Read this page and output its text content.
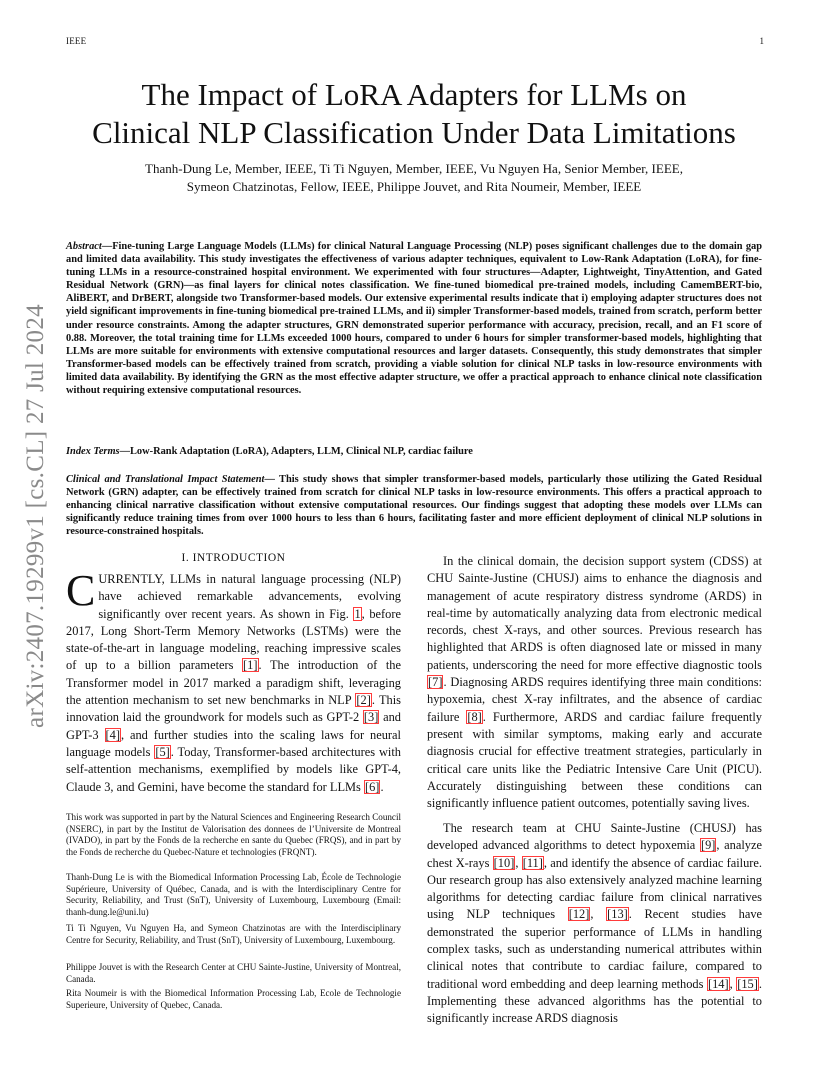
IEEE	1
arXiv:2407.19299v1 [cs.CL] 27 Jul 2024
The Impact of LoRA Adapters for LLMs on
Clinical NLP Classification Under Data Limitations
Thanh-Dung Le, Member, IEEE, Ti Ti Nguyen, Member, IEEE, Vu Nguyen Ha, Senior Member, IEEE,
Symeon Chatzinotas, Fellow, IEEE, Philippe Jouvet, and Rita Noumeir, Member, IEEE
Abstract—Fine-tuning Large Language Models (LLMs) for clinical Natural Language Processing (NLP) poses significant challenges due to the domain gap and limited data availability. This study investigates the effectiveness of various adapter techniques, equivalent to Low-Rank Adaptation (LoRA), for fine-tuning LLMs in a resource-constrained hospital environment. We experimented with four structures—Adapter, Lightweight, TinyAttention, and Gated Residual Network (GRN)—as final layers for clinical notes classification. We fine-tuned biomedical pre-trained models, including CamemBERT-bio, AliBERT, and DrBERT, alongside two Transformer-based models. Our extensive experimental results indicate that i) employing adapter structures does not yield significant improvements in fine-tuning biomedical pre-trained LLMs, and ii) simpler Transformer-based models, trained from scratch, perform better under resource constraints. Among the adapter structures, GRN demonstrated superior performance with accuracy, precision, recall, and an F1 score of 0.88. Moreover, the total training time for LLMs exceeded 1000 hours, compared to under 6 hours for simpler transformer-based models, highlighting that LLMs are more suitable for environments with extensive computational resources and larger datasets. Consequently, this study demonstrates that simpler Transformer-based models can be effectively trained from scratch, providing a viable solution for clinical NLP tasks in low-resource environments with limited data availability. By identifying the GRN as the most effective adapter structure, we offer a practical approach to enhance clinical note classification without requiring extensive computational resources.
Index Terms—Low-Rank Adaptation (LoRA), Adapters, LLM, Clinical NLP, cardiac failure
Clinical and Translational Impact Statement— This study shows that simpler transformer-based models, particularly those utilizing the Gated Residual Network (GRN) adapter, can be effectively trained from scratch for clinical NLP tasks in low-resource environments. This offers a practical approach to enhancing clinical narrative classification without extensive computational resources. Our findings suggest that adopting these models over LLMs can significantly reduce training times from over 1000 hours to less than 6 hours, facilitating faster and more efficient deployment of clinical NLP solutions in resource-constrained hospitals.
I. INTRODUCTION
CURRENTLY, LLMs in natural language processing (NLP) have achieved remarkable advancements, evolving significantly over recent years. As shown in Fig. 1, before 2017, Long Short-Term Memory Networks (LSTMs) were the state-of-the-art in language modeling, reaching impressive scales of up to a billion parameters [1]. The introduction of the Transformer model in 2017 marked a paradigm shift, leveraging the attention mechanism to set new benchmarks in NLP [2]. This innovation laid the groundwork for models such as GPT-2 [3] and GPT-3 [4], and further studies into the scaling laws for neural language models [5]. Today, Transformer-based architectures with self-attention mechanisms, exemplified by models like GPT-4, Claude 3, and Gemini, have become the standard for LLMs [6].
This work was supported in part by the Natural Sciences and Engineering Research Council (NSERC), in part by the Institut de Valorisation des donnees de l’Universite de Montreal (IVADO), in part by the Fonds de la recherche en sante du Quebec (FRQS), and in part by the Fonds de recherche du Quebec-Nature et technologies (FRQNT).
Thanh-Dung Le is with the Biomedical Information Processing Lab, École de Technologie Supérieure, University of Québec, Canada, and is with the Interdisciplinary Centre for Security, Reliability, and Trust (SnT), University of Luxembourg, Luxembourg (Email: thanh-dung.le@uni.lu)
Ti Ti Nguyen, Vu Nguyen Ha, and Symeon Chatzinotas are with the Interdisciplinary Centre for Security, Reliability, and Trust (SnT), University of Luxembourg, Luxembourg.
Philippe Jouvet is with the Research Center at CHU Sainte-Justine, University of Montreal, Canada.
Rita Noumeir is with the Biomedical Information Processing Lab, Ecole de Technologie Superieure, University of Quebec, Canada.
In the clinical domain, the decision support system (CDSS) at CHU Sainte-Justine (CHUSJ) aims to enhance the diagnosis and management of acute respiratory distress syndrome (ARDS) in real-time by automatically analyzing data from electronic medical records, chest X-rays, and other sources. Previous research has highlighted that ARDS is often diagnosed late or missed in many patients, underscoring the need for more effective diagnostic tools [7]. Diagnosing ARDS requires identifying three main conditions: hypoxemia, chest X-ray infiltrates, and the absence of cardiac failure [8]. Furthermore, ARDS and cardiac failure frequently present with similar symptoms, making early and accurate diagnosis crucial for effective treatment strategies, particularly in critical care units like the Pediatric Intensive Care Unit (PICU). Accurately distinguishing between these conditions can significantly influence patient outcomes, potentially saving lives.
The research team at CHU Sainte-Justine (CHUSJ) has developed advanced algorithms to detect hypoxemia [9], analyze chest X-rays [10], [11], and identify the absence of cardiac failure. Our research group has also extensively analyzed machine learning algorithms for detecting cardiac failure from clinical narratives using NLP techniques [12], [13]. Recent studies have demonstrated the superior performance of LLMs in handling complex tasks, such as understanding numerical attributes within clinical notes that contribute to cardiac failure, compared to traditional word embedding and deep learning methods [14], [15]. Implementing these advanced algorithms has the potential to significantly increase ARDS diagnosis
